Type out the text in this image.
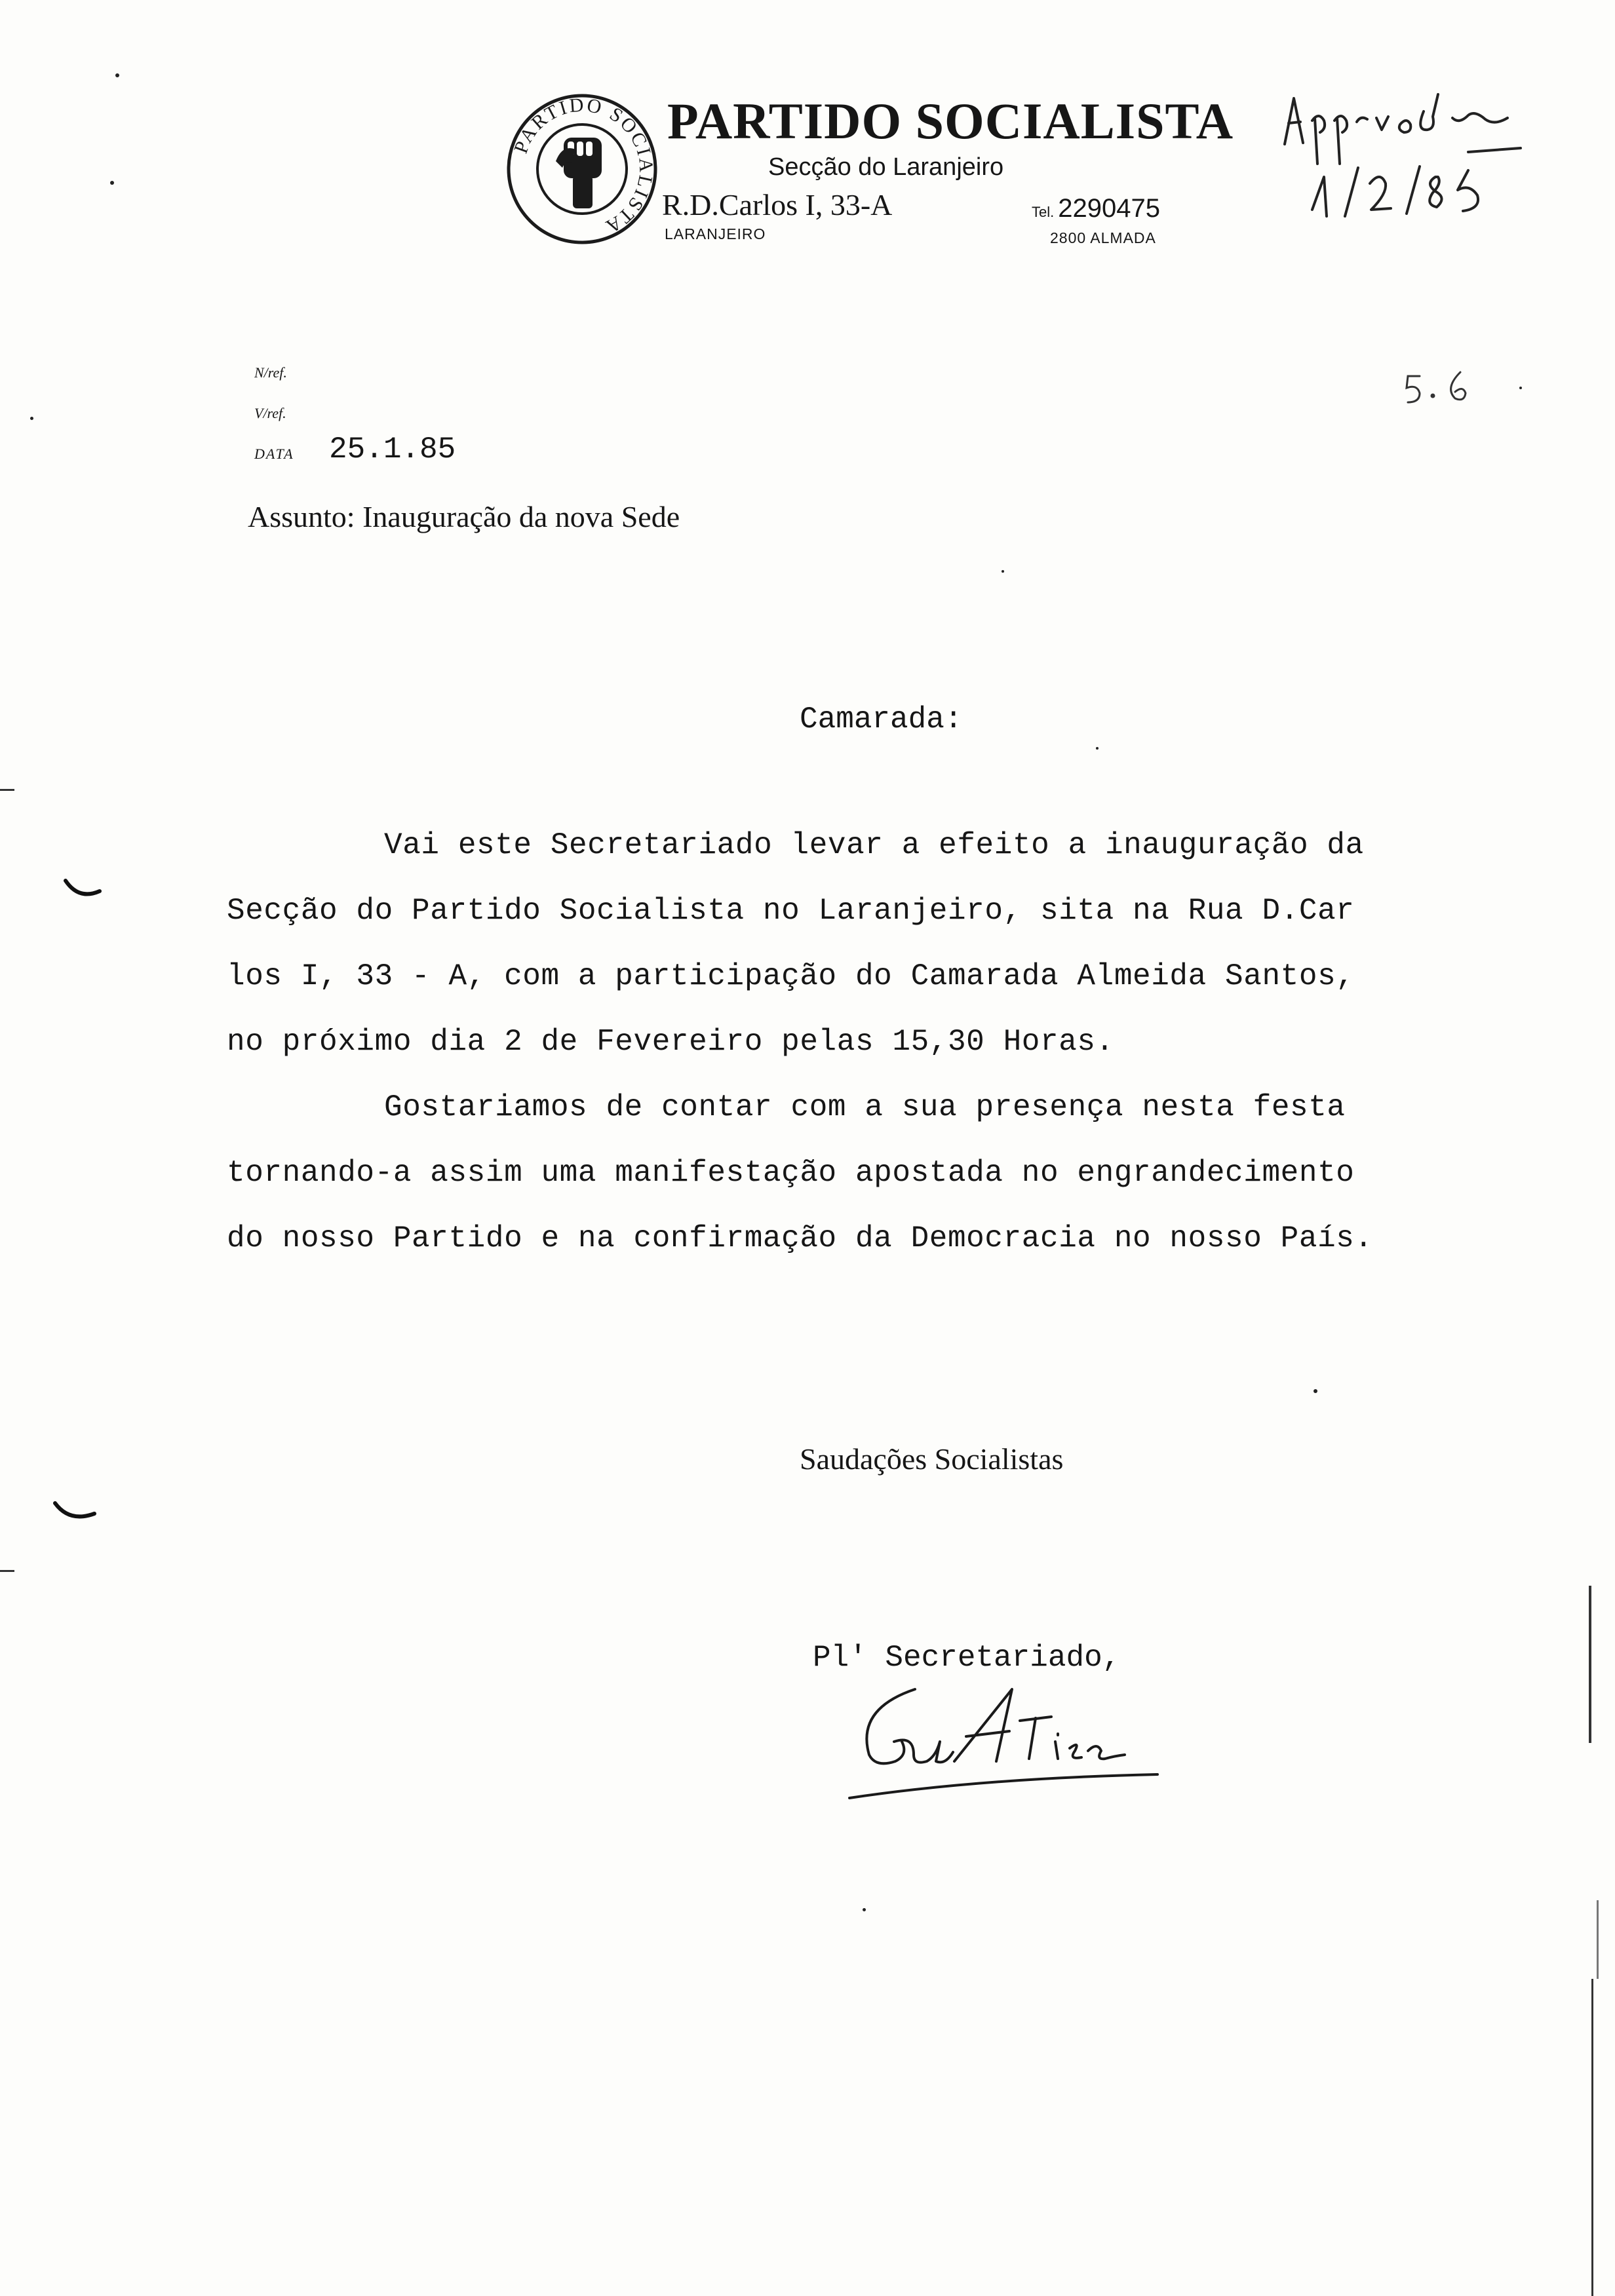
PARTIDO SOCIALISTA
PARTIDO SOCIALISTA
Secção do Laranjeiro
R.D.Carlos I, 33-A	Tel. 2290475
LARANJEIRO	2800 ALMADA
N/ref.
V/ref.
DATA 25.1.85
Assunto: Inauguração da nova Sede
Camarada:
Vai este Secretariado levar a efeito a inauguração da
Secção do Partido Socialista no Laranjeiro, sita na Rua D.Car
los I, 33 - A, com a participação do Camarada Almeida Santos,
no próximo dia 2 de Fevereiro pelas 15,30 Horas.
Gostariamos de contar com a sua presença nesta festa
tornando-a assim uma manifestação apostada no engrandecimento
do nosso Partido e na confirmação da Democracia no nosso País.
Saudações Socialistas
Pl' Secretariado,
